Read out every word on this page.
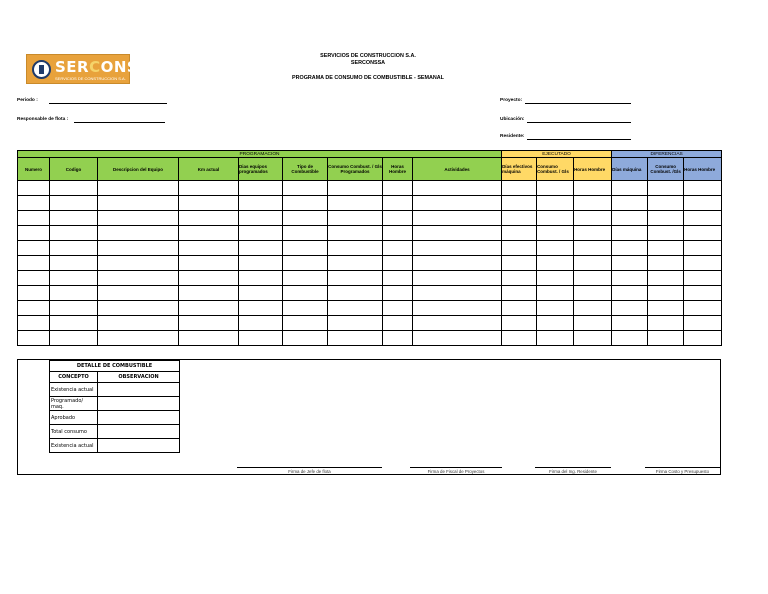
SERCONS
SERVICIOS DE CONSTRUCCION S.A.
SERVICIOS DE CONSTRUCCION S.A.
SERCONSSA
PROGRAMA DE CONSUMO DE COMBUSTIBLE - SEMANAL
Periodo :
Responsable de flota :
Proyecto:
Ubicación:
Residente:
PROGRAMACION									EJECUTADO			DIFERENCIAS		
Numero	Codigo	Descripcion del Equipo	Km actual	Dias equipos programados	Tipo de Combustible	Consumo Combust. / Gls Programados	Horas Hombre	Actividades	Días efectivos máquina	Consumo Combust. / Gls	Horas Hombre	Días máquina	Consumo Combust. /Gls	Horas Hombre

DETALLE DE COMBUSTIBLE	
CONCEPTO	OBSERVACION
Existencia actual	
Programado/ maq.	
Aprobado	
Total consumo	
Existencia actual	
Firma de Jefe de flota	Firma de Fiscal de Proyectos	Firma del Ing. Residente	Firma Costo y Presupuesto
